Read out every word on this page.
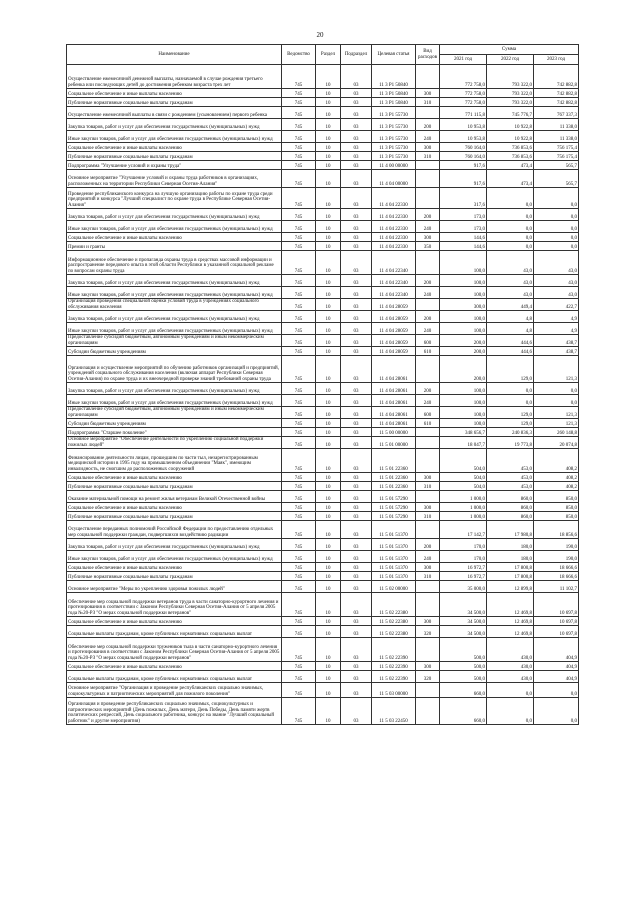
20
Наименование	Ведомство	Раздел	Подраздел	Целевая статья	Вид расходов	Сумма		
						2021 год	2022 год	2023 год
Осуществление ежемесячной денежной выплаты, назначаемой в случае рождения третьего ребенка или последующих детей до достижения ребенком возраста трех лет	745	10	03	11 3 P1 50840		772 758,0	793 322,0	742 882,8
Социальное обеспечение и иные выплаты населению	745	10	03	11 3 P1 50840	300	772 758,0	793 322,0	742 882,8
Публичные нормативные социальные выплаты гражданам	745	10	03	11 3 P1 50840	310	772 758,0	793 322,0	742 882,8
Осуществление ежемесячной выплаты в связи с рождением (усыновлением) первого ребенка	745	10	03	11 3 P1 55730		771 115,8	745 776,7	767 337,3
Закупка товаров, работ и услуг для обеспечения государственных (муниципальных) нужд	745	10	03	11 3 P1 55730	200	10 953,8	10 922,8	11 338,0
Иные закупки товаров, работ и услуг для обеспечения государственных (муниципальных) нужд	745	10	03	11 3 P1 55730	240	10 953,8	10 922,8	11 338,0
Социальное обеспечение и иные выплаты населению	745	10	03	11 3 P1 55730	300	760 164,0	736 853,6	756 175,4
Публичные нормативные социальные выплаты гражданам	745	10	03	11 3 P1 55730	310	760 164,0	736 853,6	756 175,4
Подпрограмма "Улучшение условий и охраны труда"	745	10	03	11 4 00 00000		917,6	473,4	565,7
Основное мероприятие "Улучшение условий и охраны труда работников в организациях, расположенных на территории Республики Северная Осетия-Алания"	745	10	03	11 4 04 00000		917,6	473,4	565,7
Проведение республиканского конкурса на лучшую организацию работы по охране труда среди предприятий и конкурса "Лучший специалист по охране труда в Республике Северная Осетия-Алания"	745	10	03	11 4 04 22330		317,6	0,0	0,0
Закупка товаров, работ и услуг для обеспечения государственных (муниципальных) нужд	745	10	03	11 4 04 22330	200	173,0	0,0	0,0
Иные закупки товаров, работ и услуг для обеспечения государственных (муниципальных) нужд	745	10	03	11 4 04 22330	240	173,0	0,0	0,0
Социальное обеспечение и иные выплаты населению	745	10	03	11 4 04 22330	300	144,6	0,0	0,0
Премии и гранты	745	10	03	11 4 04 22330	350	144,6	0,0	0,0
Информационное обеспечение и пропаганда охраны труда в средствах массовой информации и распространение передового опыта в этой области Республики в указанной социальной рекламе по вопросам охраны труда	745	10	03	11 4 04 22340		100,0	43,0	43,0
Закупка товаров, работ и услуг для обеспечения государственных (муниципальных) нужд	745	10	03	11 4 04 22340	200	100,0	43,0	43,0
Иные закупки товаров, работ и услуг для обеспечения государственных (муниципальных) нужд	745	10	03	11 4 04 22340	240	100,0	43,0	43,0
Организация проведения специальной оценки условий труда в учреждениях социального обслуживания населения	745	10	03	11 4 04 28059		300,0	449,4	422,7
Закупка товаров, работ и услуг для обеспечения государственных (муниципальных) нужд	745	10	03	11 4 04 28059	200	100,0	4,8	4,9
Иные закупки товаров, работ и услуг для обеспечения государственных (муниципальных) нужд	745	10	03	11 4 04 28059	240	100,0	4,8	4,9
Предоставление субсидий бюджетным, автономным учреждениям и иным некоммерческим организациям	745	10	03	11 4 04 28059	600	200,0	444,6	438,7
Субсидии бюджетным учреждениям	745	10	03	11 4 04 28059	610	200,0	444,6	438,7
Организация и осуществление мероприятий по обучению работников организаций и предприятий, учреждений социального обслуживания населения (включая аппарат Республики Северная Осетия-Алания) по охране труда и их внеочередной проверке знаний требований охраны труда	745	10	03	11 4 04 28061		200,0	129,0	121,3
Закупка товаров, работ и услуг для обеспечения государственных (муниципальных) нужд	745	10	03	11 4 04 28061	200	100,0	0,0	0,0
Иные закупки товаров, работ и услуг для обеспечения государственных (муниципальных) нужд	745	10	03	11 4 04 28061	240	100,0	0,0	0,0
Предоставление субсидий бюджетным, автономным учреждениям и иным некоммерческим организациям	745	10	03	11 4 04 28061	600	100,0	129,0	121,3
Субсидии бюджетным учреждениям	745	10	03	11 4 04 28061	610	100,0	129,0	121,3
Подпрограмма "Старшее поколение"	745	10	03	11 5 00 00000		348 656,7	240 836,3	260 148,8
Основное мероприятие "Обеспечение деятельности по укреплению социальной поддержки пожилых людей"	745	10	03	11 5 01 00000		18 047,7	19 773,8	20 074,8
Финансирование деятельности лицам, прошедшим по части тыл, незарегистрированным медицинской истории в 1995 году на промышленном объединении "Маяк", имеющим инвалидность, не смогшим до расположенных сооружений	745	10	03	11 5 01 22360		504,0	453,0	408,2
Социальное обеспечение и иные выплаты населению	745	10	03	11 5 01 22360	300	504,0	453,0	408,2
Публичные нормативные социальные выплаты гражданам	745	10	03	11 5 01 22360	310	504,0	453,0	408,2
Оказание материальной помощи на ремонт жилья ветеранам Великой Отечественной войны	745	10	03	11 5 01 57290		1 000,0	860,0	850,0
Социальное обеспечение и иные выплаты населению	745	10	03	11 5 01 57290	300	1 000,0	860,0	850,0
Публичные нормативные социальные выплаты гражданам	745	10	03	11 5 01 57290	310	1 000,0	860,0	850,0
Осуществление переданных полномочий Российской Федерации по предоставлению отдельных мер социальной поддержки граждан, подвергшихся воздействию радиации	745	10	03	11 5 01 51370		17 142,7	17 980,8	18 856,6
Закупка товаров, работ и услуг для обеспечения государственных (муниципальных) нужд	745	10	03	11 5 01 51370	200	170,0	180,0	190,0
Иные закупки товаров, работ и услуг для обеспечения государственных (муниципальных) нужд	745	10	03	11 5 01 51370	240	170,0	180,0	190,0
Социальное обеспечение и иные выплаты населению	745	10	03	11 5 01 51370	300	16 972,7	17 800,8	18 666,6
Публичные нормативные социальные выплаты гражданам	745	10	03	11 5 01 51370	310	16 972,7	17 800,8	18 666,6
Основное мероприятие "Меры по укреплению здоровья пожилых людей"	745	10	03	11 5 02 00000		35 000,0	12 899,8	11 102,7
Обеспечение мер социальной поддержки ветеранов труда в части санаторно-курортного лечения и протезирования в соответствии с Законом Республики Северная Осетия-Алания от 5 апреля 2005 года №20-РЗ "О мерах социальной поддержки ветеранов"	745	10	03	11 5 02 22380		34 500,0	12 469,8	10 697,8
Социальное обеспечение и иные выплаты населению	745	10	03	11 5 02 22380	300	34 500,0	12 469,8	10 697,8
Социальные выплаты гражданам, кроме публичных нормативных социальных выплат	745	10	03	11 5 02 22380	320	34 500,0	12 469,8	10 697,8
Обеспечение мер социальной поддержки тружеников тыла в части санаторно-курортного лечения и протезирования в соответствии с Законом Республики Северная Осетия-Алания от 5 апреля 2005 года №20-РЗ "О мерах социальной поддержки ветеранов"	745	10	03	11 5 02 22390		500,0	430,0	404,9
Социальное обеспечение и иные выплаты населению	745	10	03	11 5 02 22390	300	500,0	430,0	404,9
Социальные выплаты гражданам, кроме публичных нормативных социальных выплат	745	10	03	11 5 02 22390	320	500,0	430,0	404,9
Основное мероприятие "Организация и проведение республиканских социально значимых, социокультурных и патриотических мероприятий для пожилого поколения"	745	10	03	11 5 03 00000		660,0	0,0	0,0
Организация и проведение республиканских социально значимых, социокультурных и патриотических мероприятий (День пожилых, День матери, День Победы, День памяти жертв политических репрессий, День социального работника, конкурс на звание "Лучший социальный работник" и другие мероприятия)	745	10	03	11 5 03 22450		660,0	0,0	0,0
